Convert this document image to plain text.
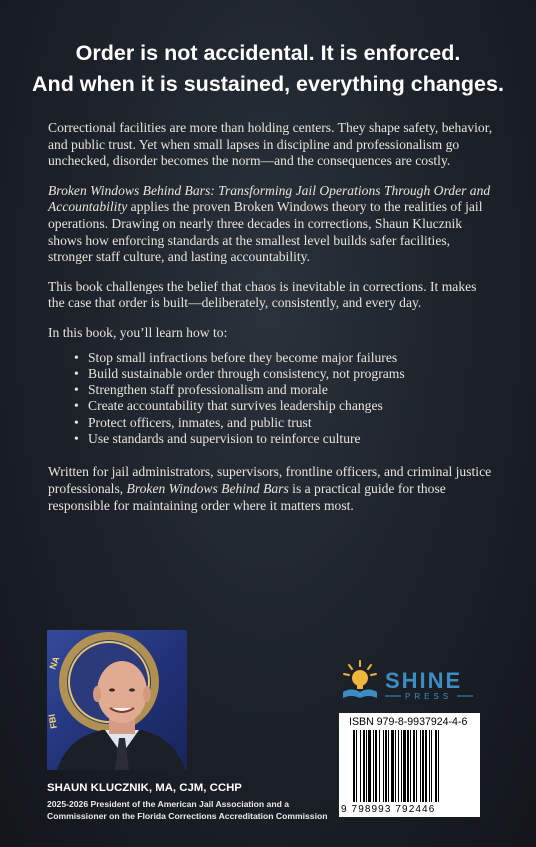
Order is not accidental. It is enforced.
And when it is sustained, everything changes.

Correctional facilities are more than holding centers. They shape safety, behavior, and public trust. Yet when small lapses in discipline and professionalism go unchecked, disorder becomes the norm—and the consequences are costly.

Broken Windows Behind Bars: Transforming Jail Operations Through Order and Accountability applies the proven Broken Windows theory to the realities of jail operations. Drawing on nearly three decades in corrections, Shaun Klucznik shows how enforcing standards at the smallest level builds safer facilities, stronger staff culture, and lasting accountability.

This book challenges the belief that chaos is inevitable in corrections. It makes the case that order is built—deliberately, consistently, and every day.

In this book, you’ll learn how to:

• Stop small infractions before they become major failures
• Build sustainable order through consistency, not programs
• Strengthen staff professionalism and morale
• Create accountability that survives leadership changes
• Protect officers, inmates, and public trust
• Use standards and supervision to reinforce culture

Written for jail administrators, supervisors, frontline officers, and criminal justice professionals, Broken Windows Behind Bars is a practical guide for those responsible for maintaining order where it matters most.

NA
FBI
SHAUN KLUCZNIK, MA, CJM, CCHP
2025-2026 President of the American Jail Association and a
Commissioner on the Florida Corrections Accreditation Commission
SHINE
PRESS
ISBN 979-8-9937924-4-6
9 798993 792446
